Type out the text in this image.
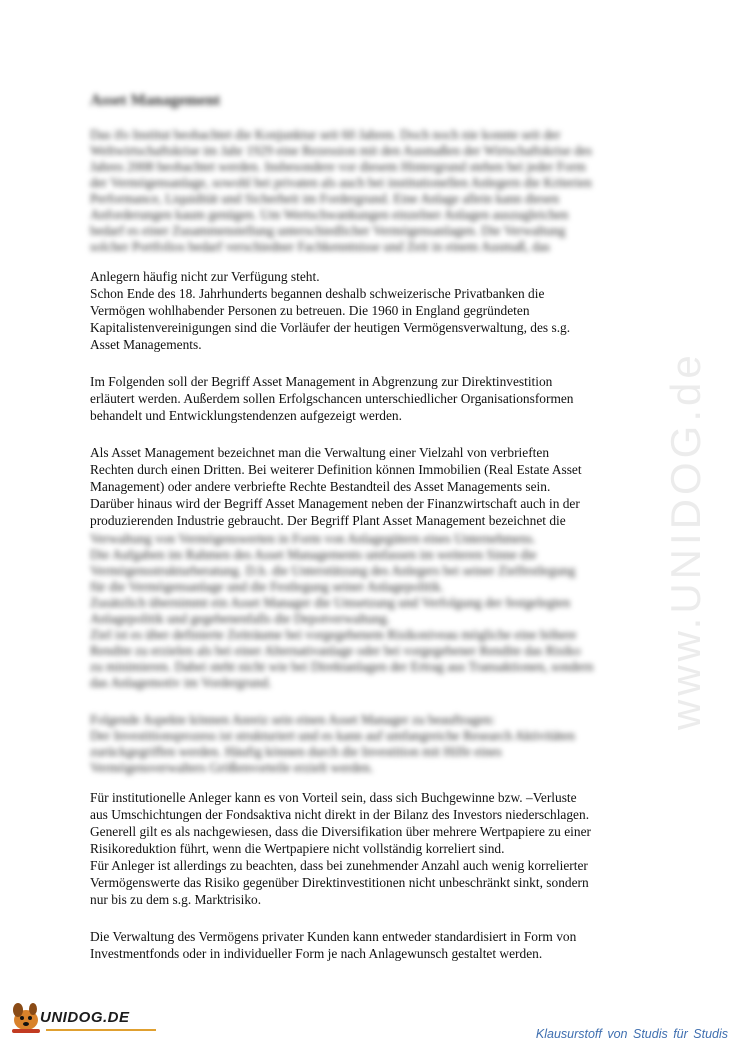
Asset Management
Das ifo Institut beobachtet die Konjunktur seit 60 Jahren. Doch noch nie konnte seit der
Weltwirtschaftskrise im Jahr 1929 eine Rezession mit den Ausmaßen der Wirtschaftskrise des
Jahres 2008 beobachtet werden. Insbesondere vor diesem Hintergrund stehen bei jeder Form
der Vermögensanlage, sowohl bei privaten als auch bei institutionellen Anlegern die Kriterien
Performance, Liquidität und Sicherheit im Fordergrund. Eine Anlage allein kann diesen
Anforderungen kaum genügen. Um Wertschwankungen einzelner Anlagen auszugleichen
bedarf es einer Zusammenstellung unterschiedlicher Vermögensanlagen. Die Verwaltung
solcher Portfolios bedarf verschiedner Fachkenntnisse und Zeit in einem Ausmaß, das
Anlegern häufig nicht zur Verfügung steht.
Schon Ende des 18. Jahrhunderts begannen deshalb schweizerische Privatbanken die
Vermögen wohlhabender Personen zu betreuen. Die 1960 in England gegründeten
Kapitalistenvereinigungen sind die Vorläufer der heutigen Vermögensverwaltung, des s.g.
Asset Managements.
Im Folgenden soll der Begriff Asset Management in Abgrenzung zur Direktinvestition
erläutert werden. Außerdem sollen Erfolgschancen unterschiedlicher Organisationsformen
behandelt und Entwicklungstendenzen aufgezeigt werden.
Als Asset Management bezeichnet man die Verwaltung einer Vielzahl von verbrieften
Rechten durch einen Dritten. Bei weiterer Definition können Immobilien (Real Estate Asset
Management) oder andere verbriefte Rechte Bestandteil des Asset Managements sein.
Darüber hinaus wird der Begriff Asset Management neben der Finanzwirtschaft auch in der
produzierenden Industrie gebraucht. Der Begriff Plant Asset Management bezeichnet die
Verwaltung von Vermögenswerten in Form von Anlagegütern eines Unternehmens.
Die Aufgaben im Rahmen des Asset Managements umfassen im weiteren Sinne die
Vermögensstrukturberatung. D.h. die Unterstützung des Anlegers bei seiner Zielfestlegung
für die Vermögensanlage und die Festlegung seiner Anlagepolitik.
Zusätzlich übernimmt ein Asset Manager die Umsetzung und Verfolgung der festgelegten
Anlagepolitik und gegebenenfalls die Depotverwaltung.
Ziel ist es über definierte Zeiträume bei vorgegebenem Risikoniveau mögliche eine höhere
Rendite zu erzielen als bei einer Alternativanlage oder bei vorgegebener Rendite das Risiko
zu minimieren. Dabei steht nicht wie bei Direktanlagen der Ertrag aus Transaktionen, sondern
das Anlagemotiv im Vordergrund.
Folgende Aspekte können Anreiz sein einen Asset Manager zu beauftragen:
Der Investitionsprozess ist strukturiert und es kann auf umfangreiche Research Aktivitäten
zurückgegriffen werden. Häufig können durch die Investition mit Hilfe eines
Vermögensverwalters Größenvorteile erzielt werden.
Für institutionelle Anleger kann es von Vorteil sein, dass sich Buchgewinne bzw. –Verluste
aus Umschichtungen der Fondsaktiva nicht direkt in der Bilanz des Investors niederschlagen.
Generell gilt es als nachgewiesen, dass die Diversifikation über mehrere Wertpapiere zu einer
Risikoreduktion führt, wenn die Wertpapiere nicht vollständig korreliert sind.
Für Anleger ist allerdings zu beachten, dass bei zunehmender Anzahl auch wenig korrelierter
Vermögenswerte das Risiko gegenüber Direktinvestitionen nicht unbeschränkt sinkt, sondern
nur bis zu dem s.g. Marktrisiko.
Die Verwaltung des Vermögens privater Kunden kann entweder standardisiert in Form von
Investmentfonds oder in individueller Form je nach Anlagewunsch gestaltet werden.
www.UNIDOG.de
UNIDOG.DE
Klausurstoff von Studis für Studis
